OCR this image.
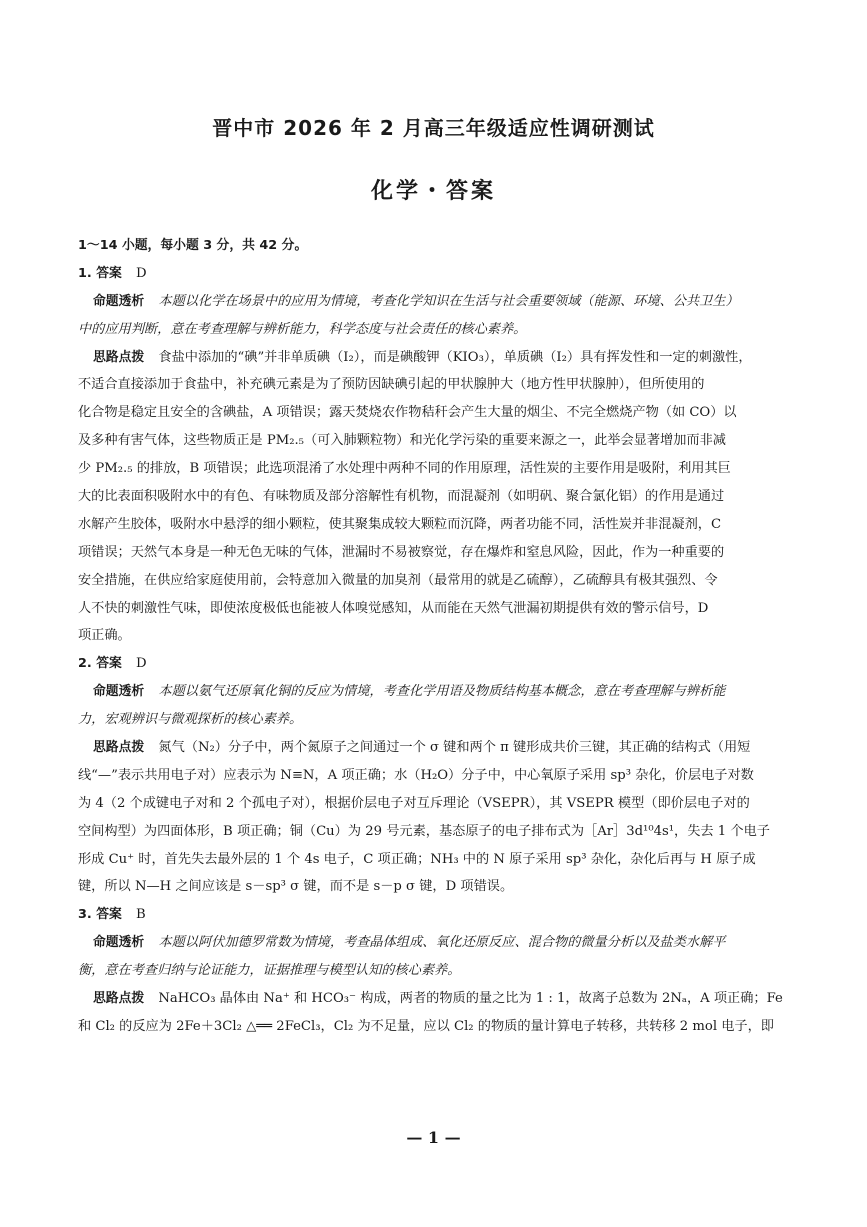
晋中市 2026 年 2 月高三年级适应性调研测试
化学・答案
1～14 小题，每小题 3 分，共 42 分。
1. 答案 D
命题透析 本题以化学在场景中的应用为情境，考查化学知识在生活与社会重要领域（能源、环境、公共卫生）
中的应用判断，意在考查理解与辨析能力，科学态度与社会责任的核心素养。
思路点拨 食盐中添加的“碘”并非单质碘（I₂），而是碘酸钾（KIO₃），单质碘（I₂）具有挥发性和一定的刺激性，
不适合直接添加于食盐中，补充碘元素是为了预防因缺碘引起的甲状腺肿大（地方性甲状腺肿），但所使用的
化合物是稳定且安全的含碘盐，A 项错误；露天焚烧农作物秸秆会产生大量的烟尘、不完全燃烧产物（如 CO）以
及多种有害气体，这些物质正是 PM₂.₅（可入肺颗粒物）和光化学污染的重要来源之一，此举会显著增加而非减
少 PM₂.₅ 的排放，B 项错误；此选项混淆了水处理中两种不同的作用原理，活性炭的主要作用是吸附，利用其巨
大的比表面积吸附水中的有色、有味物质及部分溶解性有机物，而混凝剂（如明矾、聚合氯化铝）的作用是通过
水解产生胶体，吸附水中悬浮的细小颗粒，使其聚集成较大颗粒而沉降，两者功能不同，活性炭并非混凝剂，C
项错误；天然气本身是一种无色无味的气体，泄漏时不易被察觉，存在爆炸和窒息风险，因此，作为一种重要的
安全措施，在供应给家庭使用前，会特意加入微量的加臭剂（最常用的就是乙硫醇），乙硫醇具有极其强烈、令
人不快的刺激性气味，即使浓度极低也能被人体嗅觉感知，从而能在天然气泄漏初期提供有效的警示信号，D
项正确。
2. 答案 D
命题透析 本题以氨气还原氧化铜的反应为情境，考查化学用语及物质结构基本概念，意在考查理解与辨析能
力，宏观辨识与微观探析的核心素养。
思路点拨 氮气（N₂）分子中，两个氮原子之间通过一个 σ 键和两个 π 键形成共价三键，其正确的结构式（用短
线“—”表示共用电子对）应表示为 N≡N，A 项正确；水（H₂O）分子中，中心氧原子采用 sp³ 杂化，价层电子对数
为 4（2 个成键电子对和 2 个孤电子对），根据价层电子对互斥理论（VSEPR），其 VSEPR 模型（即价层电子对的
空间构型）为四面体形，B 项正确；铜（Cu）为 29 号元素，基态原子的电子排布式为［Ar］3d¹⁰4s¹，失去 1 个电子
形成 Cu⁺ 时，首先失去最外层的 1 个 4s 电子，C 项正确；NH₃ 中的 N 原子采用 sp³ 杂化，杂化后再与 H 原子成
键，所以 N—H 之间应该是 s－sp³ σ 键，而不是 s－p σ 键，D 项错误。
3. 答案 B
命题透析 本题以阿伏加德罗常数为情境，考查晶体组成、氧化还原反应、混合物的微量分析以及盐类水解平
衡，意在考查归纳与论证能力，证据推理与模型认知的核心素养。
思路点拨 NaHCO₃ 晶体由 Na⁺ 和 HCO₃⁻ 构成，两者的物质的量之比为 1 : 1，故离子总数为 2Nₐ，A 项正确；Fe
和 Cl₂ 的反应为 2Fe＋3Cl₂ △══ 2FeCl₃，Cl₂ 为不足量，应以 Cl₂ 的物质的量计算电子转移，共转移 2 mol 电子，即
— 1 —
